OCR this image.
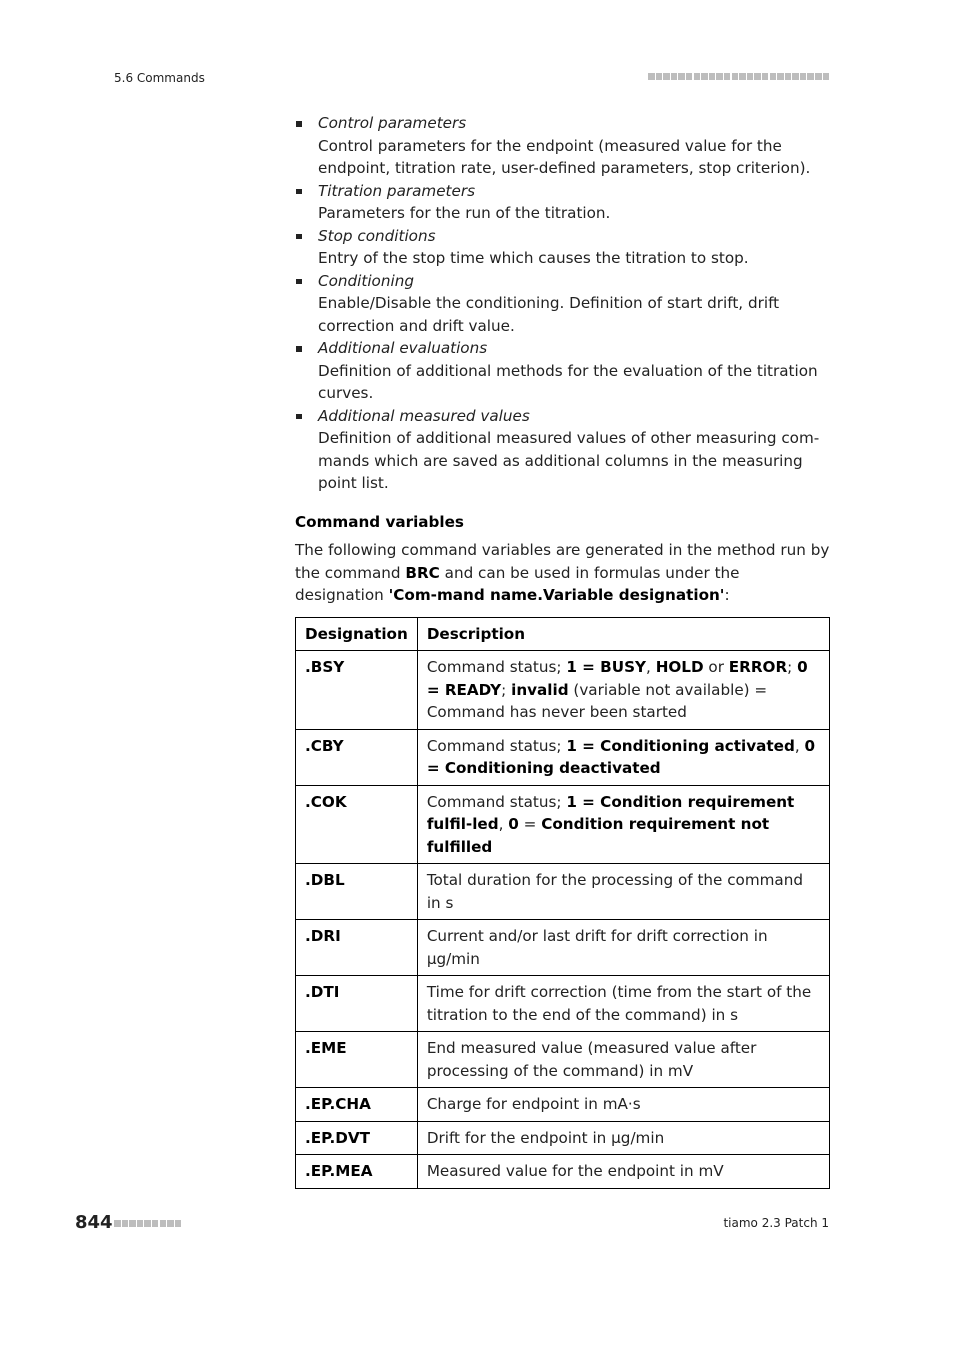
5.6 Commands
Control parameters
Control parameters for the endpoint (measured value for the endpoint, titration rate, user-defined parameters, stop criterion).
Titration parameters
Parameters for the run of the titration.
Stop conditions
Entry of the stop time which causes the titration to stop.
Conditioning
Enable/Disable the conditioning. Definition of start drift, drift correction and drift value.
Additional evaluations
Definition of additional methods for the evaluation of the titration curves.
Additional measured values
Definition of additional measured values of other measuring com-mands which are saved as additional columns in the measuring point list.
Command variables

The following command variables are generated in the method run by the command BRC and can be used in formulas under the designation 'Com-mand name.Variable designation':

Designation	Description
.BSY	Command status; 1 = BUSY, HOLD or ERROR; 0 = READY; invalid (variable not available) = Command has never been started
.CBY	Command status; 1 = Conditioning activated, 0 = Conditioning deactivated
.COK	Command status; 1 = Condition requirement fulfil-led, 0 = Condition requirement not fulfilled
.DBL	Total duration for the processing of the command in s
.DRI	Current and/or last drift for drift correction in µg/min
.DTI	Time for drift correction (time from the start of the titration to the end of the command) in s
.EME	End measured value (measured value after processing of the command) in mV
.EP.CHA	Charge for endpoint in mA·s
.EP.DVT	Drift for the endpoint in µg/min
.EP.MEA	Measured value for the endpoint in mV
844	tiamo 2.3 Patch 1
